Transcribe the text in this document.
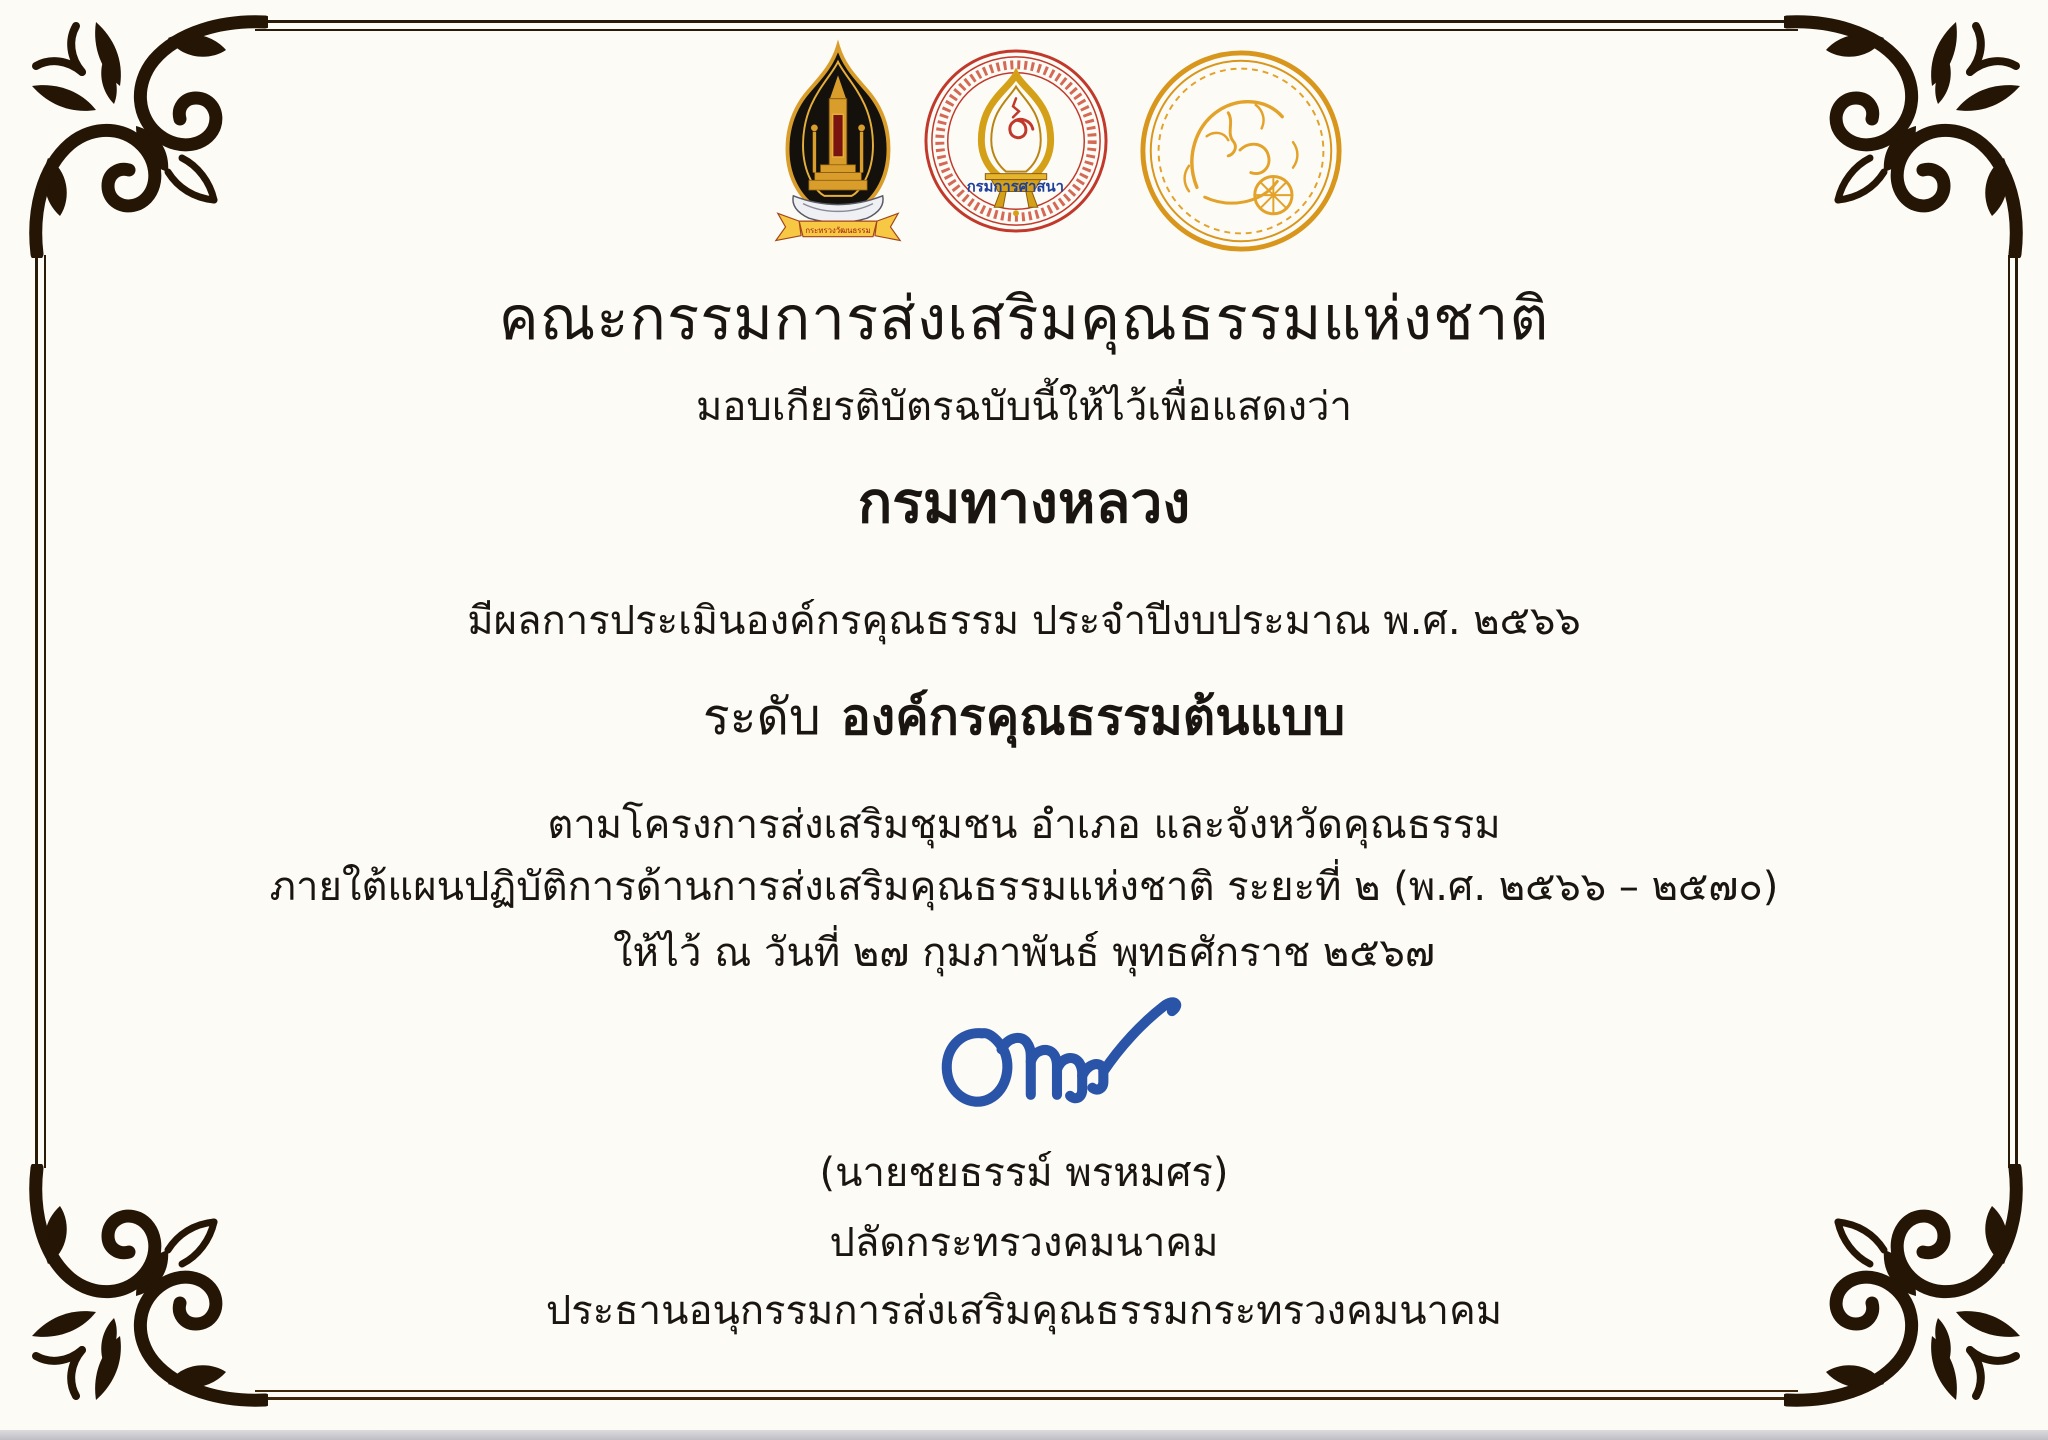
กระทรวงวัฒนธรรม
กรมการศาสนา
คณะกรรมการส่งเสริมคุณธรรมแห่งชาติ
มอบเกียรติบัตรฉบับนี้ให้ไว้เพื่อแสดงว่า
กรมทางหลวง
มีผลการประเมินองค์กรคุณธรรม ประจำปีงบประมาณ พ.ศ. ๒๕๖๖
ระดับ องค์กรคุณธรรมต้นแบบ
ตามโครงการส่งเสริมชุมชน อำเภอ และจังหวัดคุณธรรม
ภายใต้แผนปฏิบัติการด้านการส่งเสริมคุณธรรมแห่งชาติ ระยะที่ ๒ (พ.ศ. ๒๕๖๖ – ๒๕๗๐)
ให้ไว้ ณ วันที่ ๒๗ กุมภาพันธ์ พุทธศักราช ๒๕๖๗
(นายชยธรรม์ พรหมศร)
ปลัดกระทรวงคมนาคม
ประธานอนุกรรมการส่งเสริมคุณธรรมกระทรวงคมนาคม
